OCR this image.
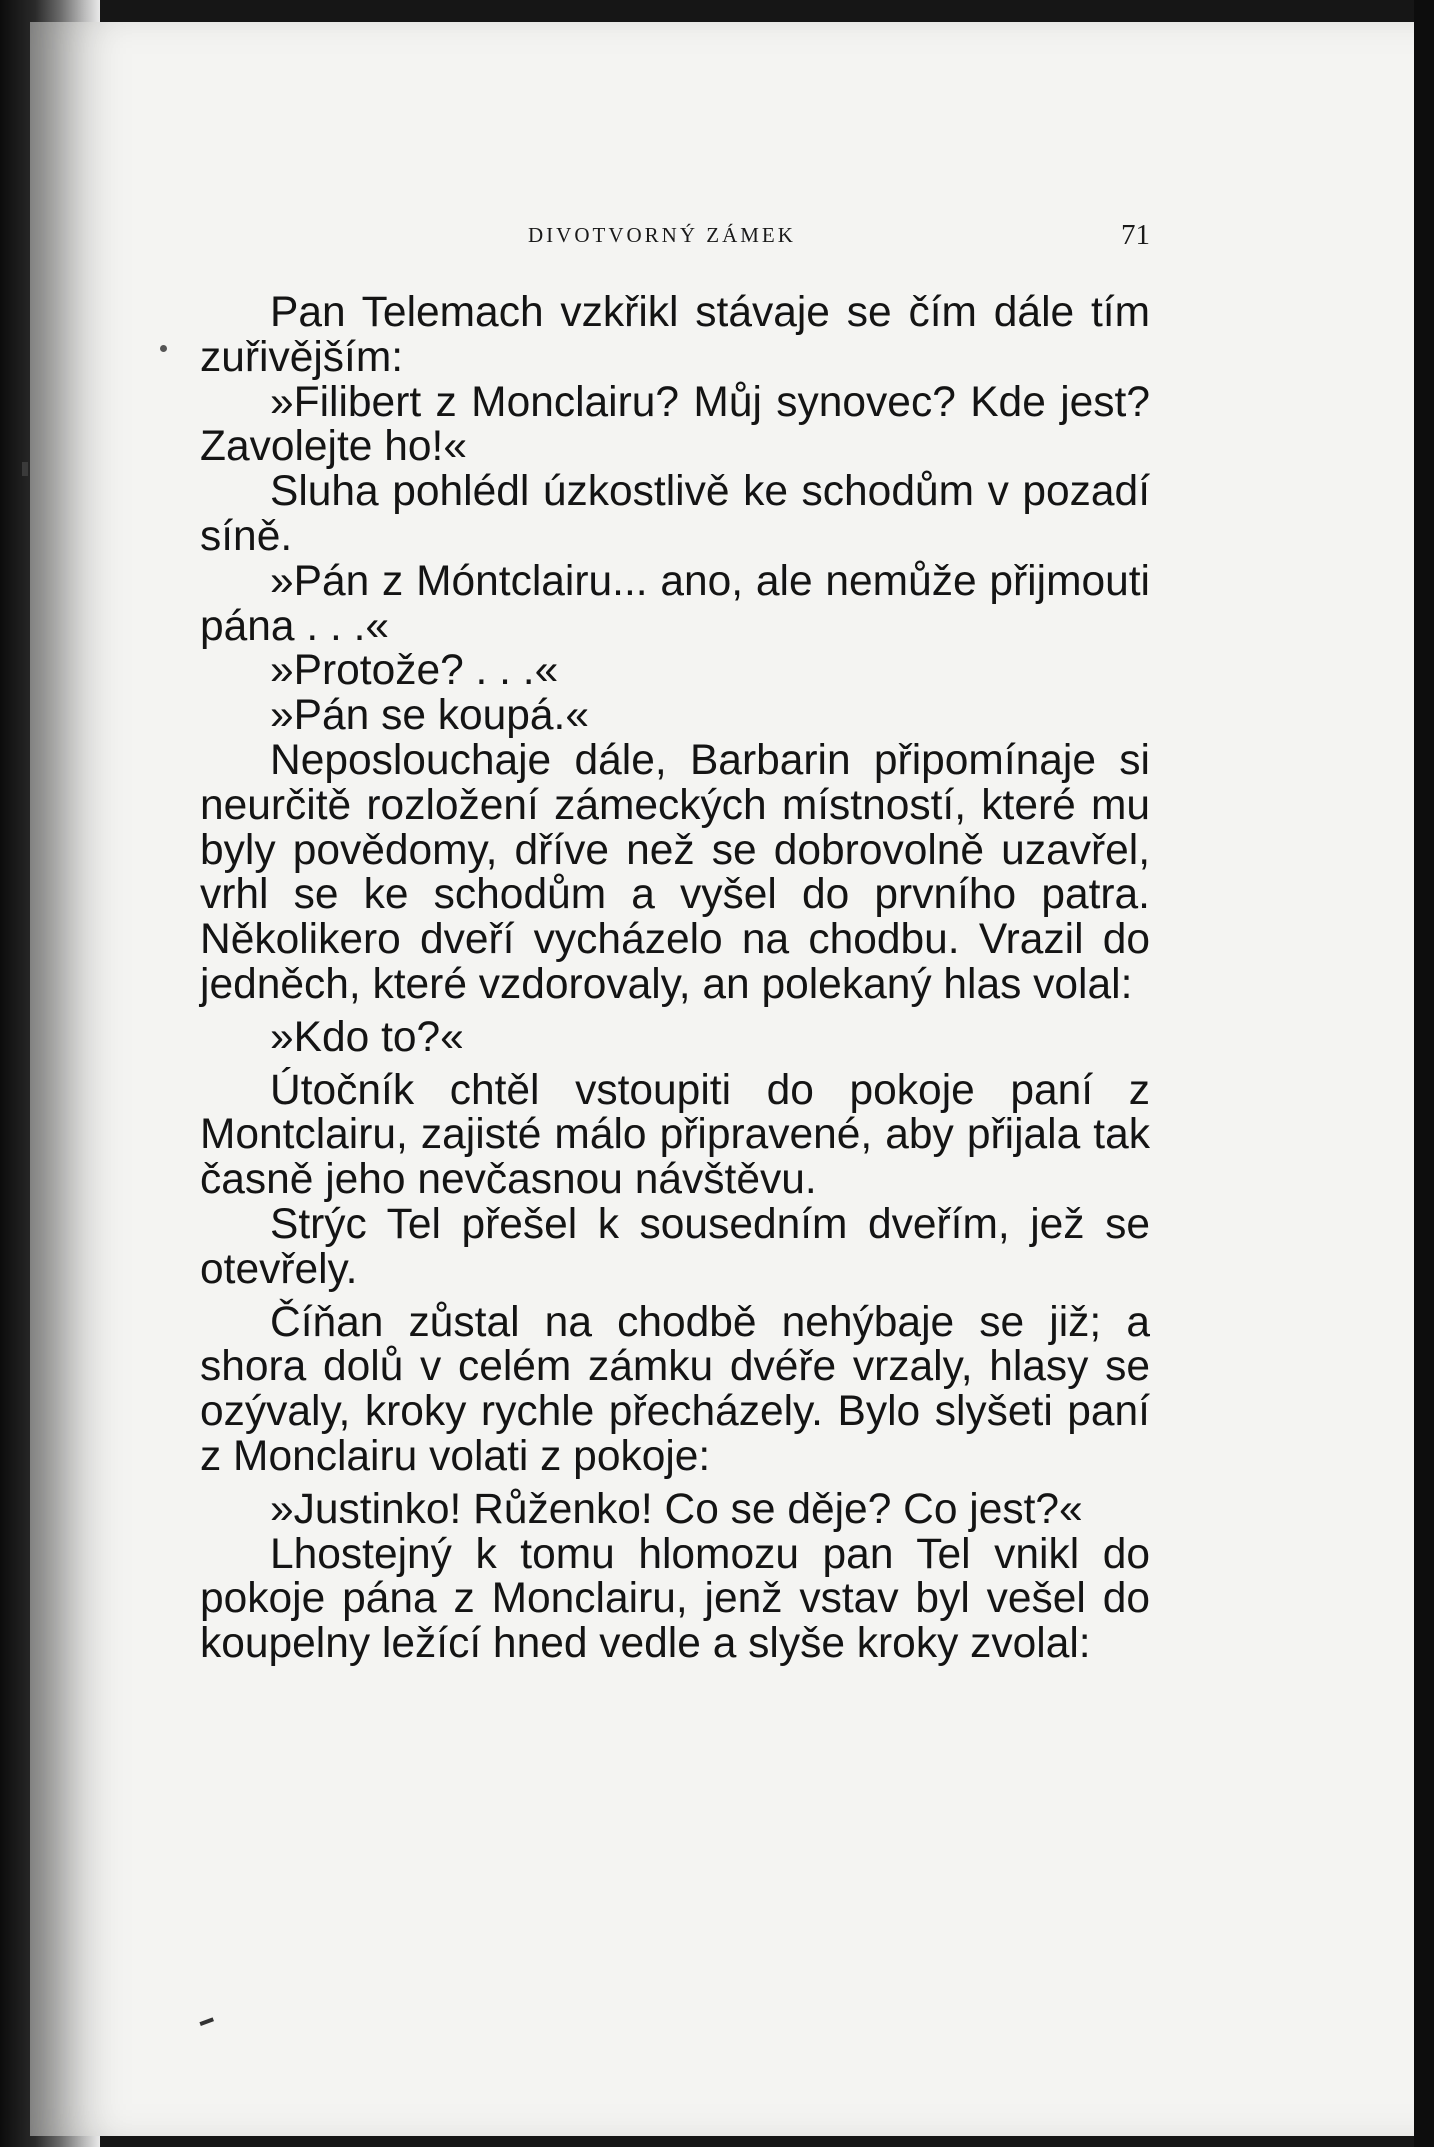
DIVOTVORNÝ ZÁMEK	71

Pan Telemach vzkřikl stávaje se čím dále tím zuřivějším:

»Filibert z Monclairu? Můj synovec? Kde jest? Zavolejte ho!«

Sluha pohlédl úzkostlivě ke schodům v pozadí síně.

»Pán z Móntclairu... ano, ale nemůže přijmouti pána . . .«

»Protože? . . .«

»Pán se koupá.«

Neposlouchaje dále, Barbarin připomínaje si neurčitě rozložení zámeckých místností, které mu byly povědomy, dříve než se dobrovolně uzavřel, vrhl se ke schodům a vyšel do prvního patra. Několikero dveří vycházelo na chodbu. Vrazil do jedněch, které vzdorovaly, an polekaný hlas volal:

»Kdo to?«

Útočník chtěl vstoupiti do pokoje paní z Montclairu, zajisté málo připravené, aby přijala tak časně jeho nevčasnou návštěvu.

Strýc Tel přešel k sousedním dveřím, jež se otevřely.

Číňan zůstal na chodbě nehýbaje se již; a shora dolů v celém zámku dvéře vrzaly, hlasy se ozývaly, kroky rychle přecházely. Bylo slyšeti paní z Monclairu volati z pokoje:

»Justinko! Růženko! Co se děje? Co jest?«

Lhostejný k tomu hlomozu pan Tel vnikl do pokoje pána z Monclairu, jenž vstav byl vešel do koupelny ležící hned vedle a slyše kroky zvolal:
